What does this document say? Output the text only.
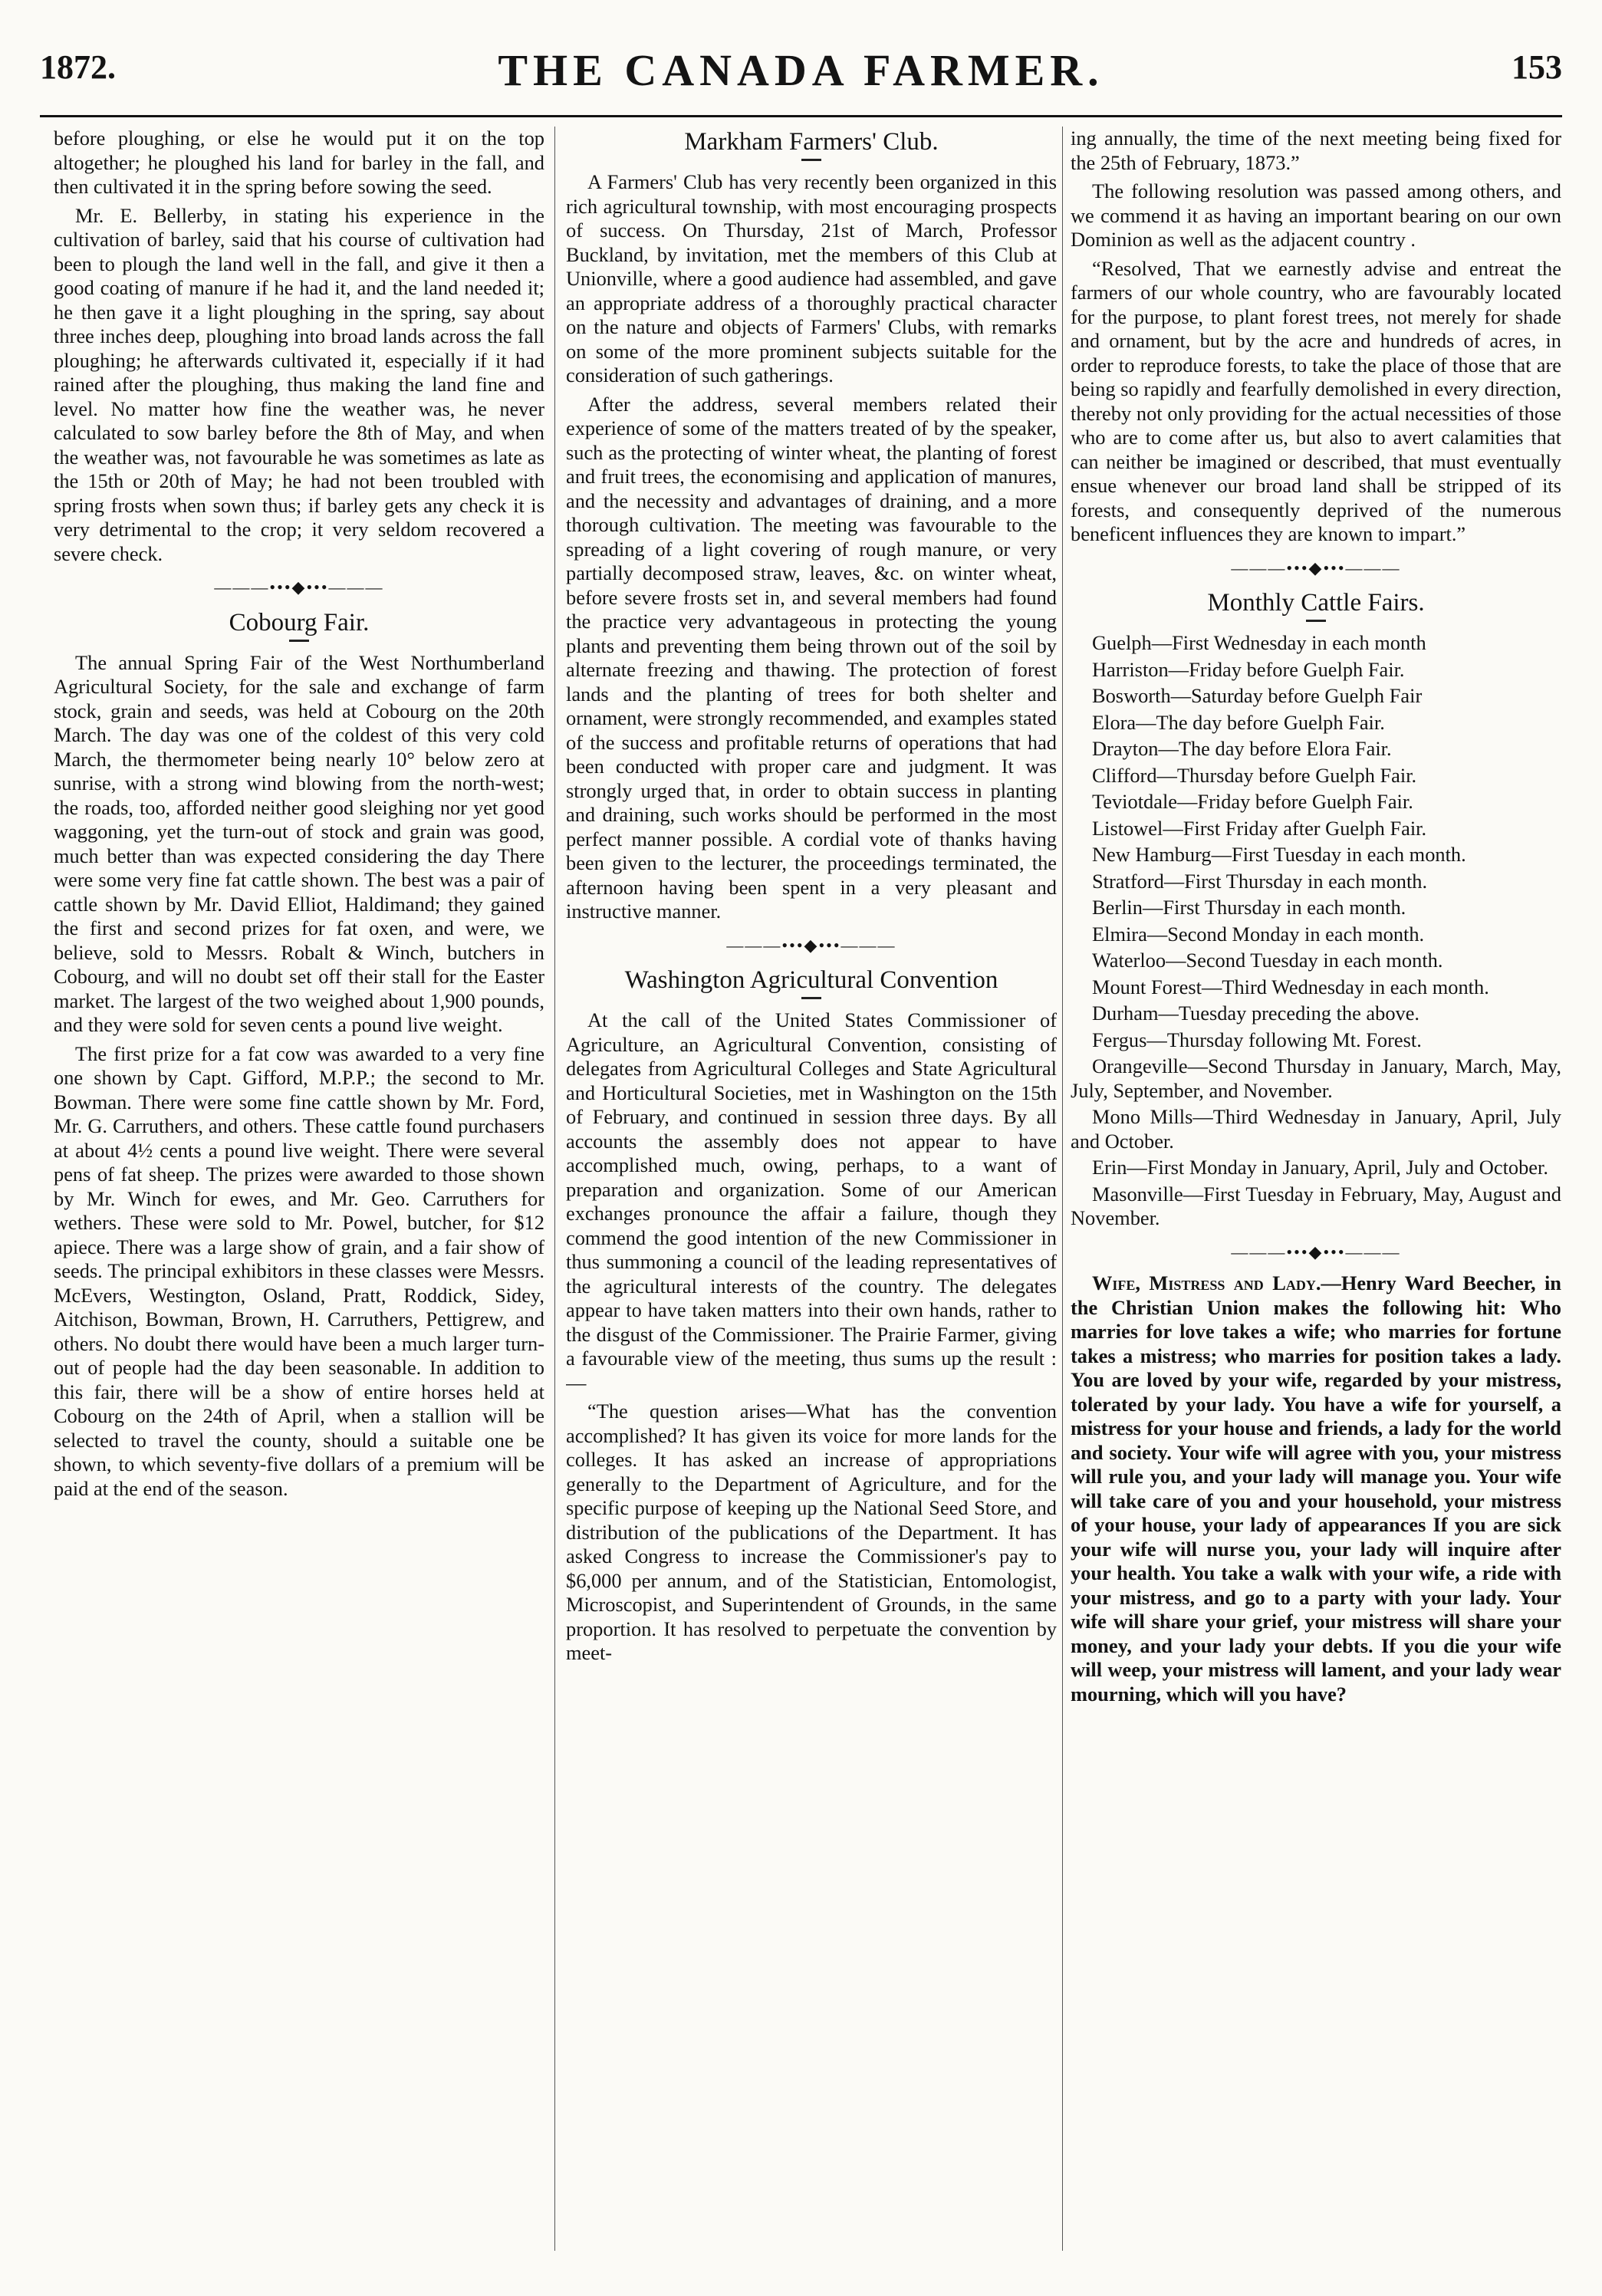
1872.	THE CANADA FARMER.	153

before ploughing, or else he would put it on the top altogether; he ploughed his land for barley in the fall, and then cultivated it in the spring before sowing the seed.

Mr. E. Bellerby, in stating his experience in the cultivation of barley, said that his course of cultivation had been to plough the land well in the fall, and give it then a good coating of manure if he had it, and the land needed it; he then gave it a light ploughing in the spring, say about three inches deep, ploughing into broad lands across the fall ploughing; he afterwards cultivated it, especially if it had rained after the ploughing, thus making the land fine and level. No matter how fine the weather was, he never calculated to sow barley before the 8th of May, and when the weather was, not favourable he was sometimes as late as the 15th or 20th of May; he had not been troubled with spring frosts when sown thus; if barley gets any check it is very detrimental to the crop; it very seldom recovered a severe check.

———•••◆•••———
Cobourg Fair.

The annual Spring Fair of the West Northumberland Agricultural Society, for the sale and exchange of farm stock, grain and seeds, was held at Cobourg on the 20th March. The day was one of the coldest of this very cold March, the thermometer being nearly 10° below zero at sunrise, with a strong wind blowing from the north-west; the roads, too, afforded neither good sleighing nor yet good waggoning, yet the turn-out of stock and grain was good, much better than was expected considering the day There were some very fine fat cattle shown. The best was a pair of cattle shown by Mr. David Elliot, Haldimand; they gained the first and second prizes for fat oxen, and were, we believe, sold to Messrs. Robalt & Winch, butchers in Cobourg, and will no doubt set off their stall for the Easter market. The largest of the two weighed about 1,900 pounds, and they were sold for seven cents a pound live weight.

The first prize for a fat cow was awarded to a very fine one shown by Capt. Gifford, M.P.P.; the second to Mr. Bowman. There were some fine cattle shown by Mr. Ford, Mr. G. Carruthers, and others. These cattle found purchasers at about 4½ cents a pound live weight. There were several pens of fat sheep. The prizes were awarded to those shown by Mr. Winch for ewes, and Mr. Geo. Carruthers for wethers. These were sold to Mr. Powel, butcher, for $12 apiece. There was a large show of grain, and a fair show of seeds. The principal exhibitors in these classes were Messrs. McEvers, Westington, Osland, Pratt, Roddick, Sidey, Aitchison, Bowman, Brown, H. Carruthers, Pettigrew, and others. No doubt there would have been a much larger turn-out of people had the day been seasonable. In addition to this fair, there will be a show of entire horses held at Cobourg on the 24th of April, when a stallion will be selected to travel the county, should a suitable one be shown, to which seventy-five dollars of a premium will be paid at the end of the season.

Markham Farmers' Club.

A Farmers' Club has very recently been organized in this rich agricultural township, with most encouraging prospects of success. On Thursday, 21st of March, Professor Buckland, by invitation, met the members of this Club at Unionville, where a good audience had assembled, and gave an appropriate address of a thoroughly practical character on the nature and objects of Farmers' Clubs, with remarks on some of the more prominent subjects suitable for the consideration of such gatherings.

After the address, several members related their experience of some of the matters treated of by the speaker, such as the protecting of winter wheat, the planting of forest and fruit trees, the economising and application of manures, and the necessity and advantages of draining, and a more thorough cultivation. The meeting was favourable to the spreading of a light covering of rough manure, or very partially decomposed straw, leaves, &c. on winter wheat, before severe frosts set in, and several members had found the practice very advantageous in protecting the young plants and preventing them being thrown out of the soil by alternate freezing and thawing. The protection of forest lands and the planting of trees for both shelter and ornament, were strongly recommended, and examples stated of the success and profitable returns of operations that had been conducted with proper care and judgment. It was strongly urged that, in order to obtain success in planting and draining, such works should be performed in the most perfect manner possible. A cordial vote of thanks having been given to the lecturer, the proceedings terminated, the afternoon having been spent in a very pleasant and instructive manner.

———•••◆•••———
Washington Agricultural Convention

At the call of the United States Commissioner of Agriculture, an Agricultural Convention, consisting of delegates from Agricultural Colleges and State Agricultural and Horticultural Societies, met in Washington on the 15th of February, and continued in session three days. By all accounts the assembly does not appear to have accomplished much, owing, perhaps, to a want of preparation and organization. Some of our American exchanges pronounce the affair a failure, though they commend the good intention of the new Commissioner in thus summoning a council of the leading representatives of the agricultural interests of the country. The delegates appear to have taken matters into their own hands, rather to the disgust of the Commissioner. The Prairie Farmer, giving a favourable view of the meeting, thus sums up the result :—

“The question arises—What has the convention accomplished? It has given its voice for more lands for the colleges. It has asked an increase of appropriations generally to the Department of Agriculture, and for the specific purpose of keeping up the National Seed Store, and distribution of the publications of the Department. It has asked Congress to increase the Commissioner's pay to $6,000 per annum, and of the Statistician, Entomologist, Microscopist, and Superintendent of Grounds, in the same proportion. It has resolved to perpetuate the convention by meet-

ing annually, the time of the next meeting being fixed for the 25th of February, 1873.”

The following resolution was passed among others, and we commend it as having an important bearing on our own Dominion as well as the adjacent country .

“Resolved, That we earnestly advise and entreat the farmers of our whole country, who are favourably located for the purpose, to plant forest trees, not merely for shade and ornament, but by the acre and hundreds of acres, in order to reproduce forests, to take the place of those that are being so rapidly and fearfully demolished in every direction, thereby not only providing for the actual necessities of those who are to come after us, but also to avert calamities that can neither be imagined or described, that must eventually ensue whenever our broad land shall be stripped of its forests, and consequently deprived of the numerous beneficent influences they are known to impart.”

———•••◆•••———
Monthly Cattle Fairs.

Guelph—First Wednesday in each month

Harriston—Friday before Guelph Fair.

Bosworth—Saturday before Guelph Fair

Elora—The day before Guelph Fair.

Drayton—The day before Elora Fair.

Clifford—Thursday before Guelph Fair.

Teviotdale—Friday before Guelph Fair.

Listowel—First Friday after Guelph Fair.

New Hamburg—First Tuesday in each month.

Stratford—First Thursday in each month.

Berlin—First Thursday in each month.

Elmira—Second Monday in each month.

Waterloo—Second Tuesday in each month.

Mount Forest—Third Wednesday in each month.

Durham—Tuesday preceding the above.

Fergus—Thursday following Mt. Forest.

Orangeville—Second Thursday in January, March, May, July, September, and November.

Mono Mills—Third Wednesday in January, April, July and October.

Erin—First Monday in January, April, July and October.

Masonville—First Tuesday in February, May, August and November.

———•••◆•••———

Wife, Mistress and Lady.—Henry Ward Beecher, in the Christian Union makes the following hit: Who marries for love takes a wife; who marries for fortune takes a mistress; who marries for position takes a lady. You are loved by your wife, regarded by your mistress, tolerated by your lady. You have a wife for yourself, a mistress for your house and friends, a lady for the world and society. Your wife will agree with you, your mistress will rule you, and your lady will manage you. Your wife will take care of you and your household, your mistress of your house, your lady of appearances If you are sick your wife will nurse you, your lady will inquire after your health. You take a walk with your wife, a ride with your mistress, and go to a party with your lady. Your wife will share your grief, your mistress will share your money, and your lady your debts. If you die your wife will weep, your mistress will lament, and your lady wear mourning, which will you have?
